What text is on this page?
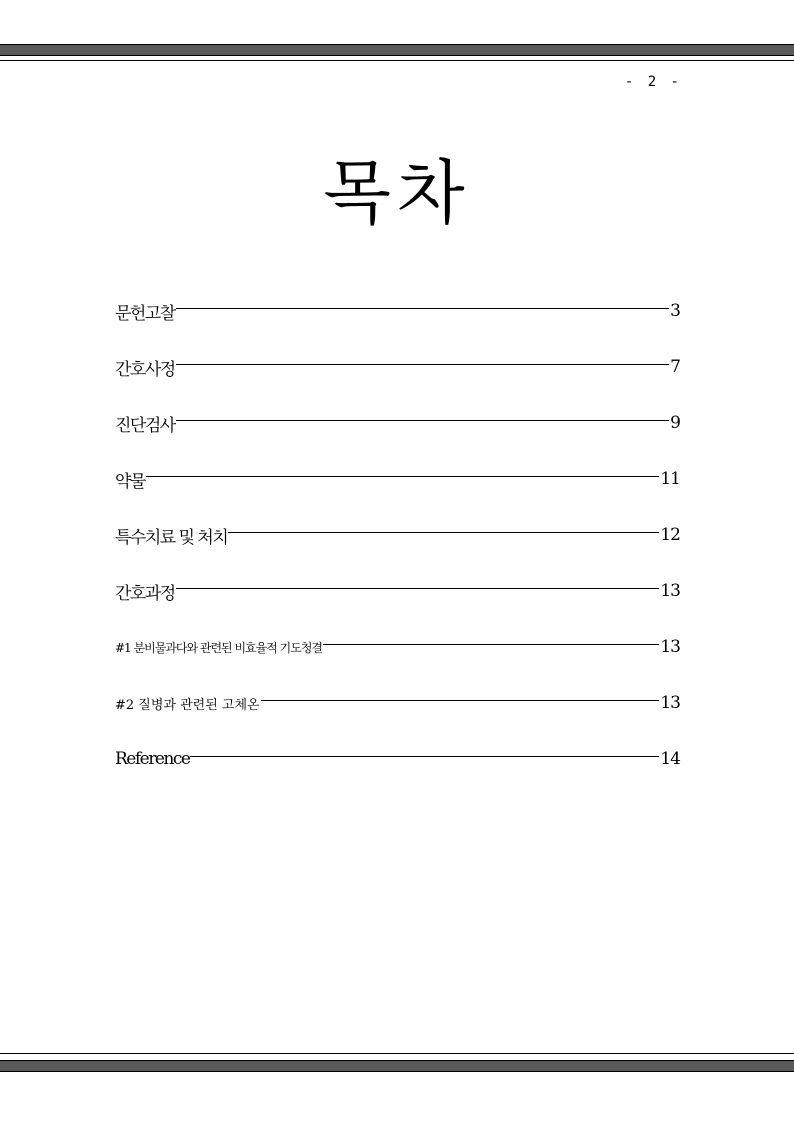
- 2 -
목차
문헌고찰	3
간호사정	7
진단검사	9
약물	11
특수치료 및 처치	12
간호과정	13
#1 분비물과다와 관련된 비효율적 기도청결	13
#2 질병과 관련된 고체온	13
Reference	14
